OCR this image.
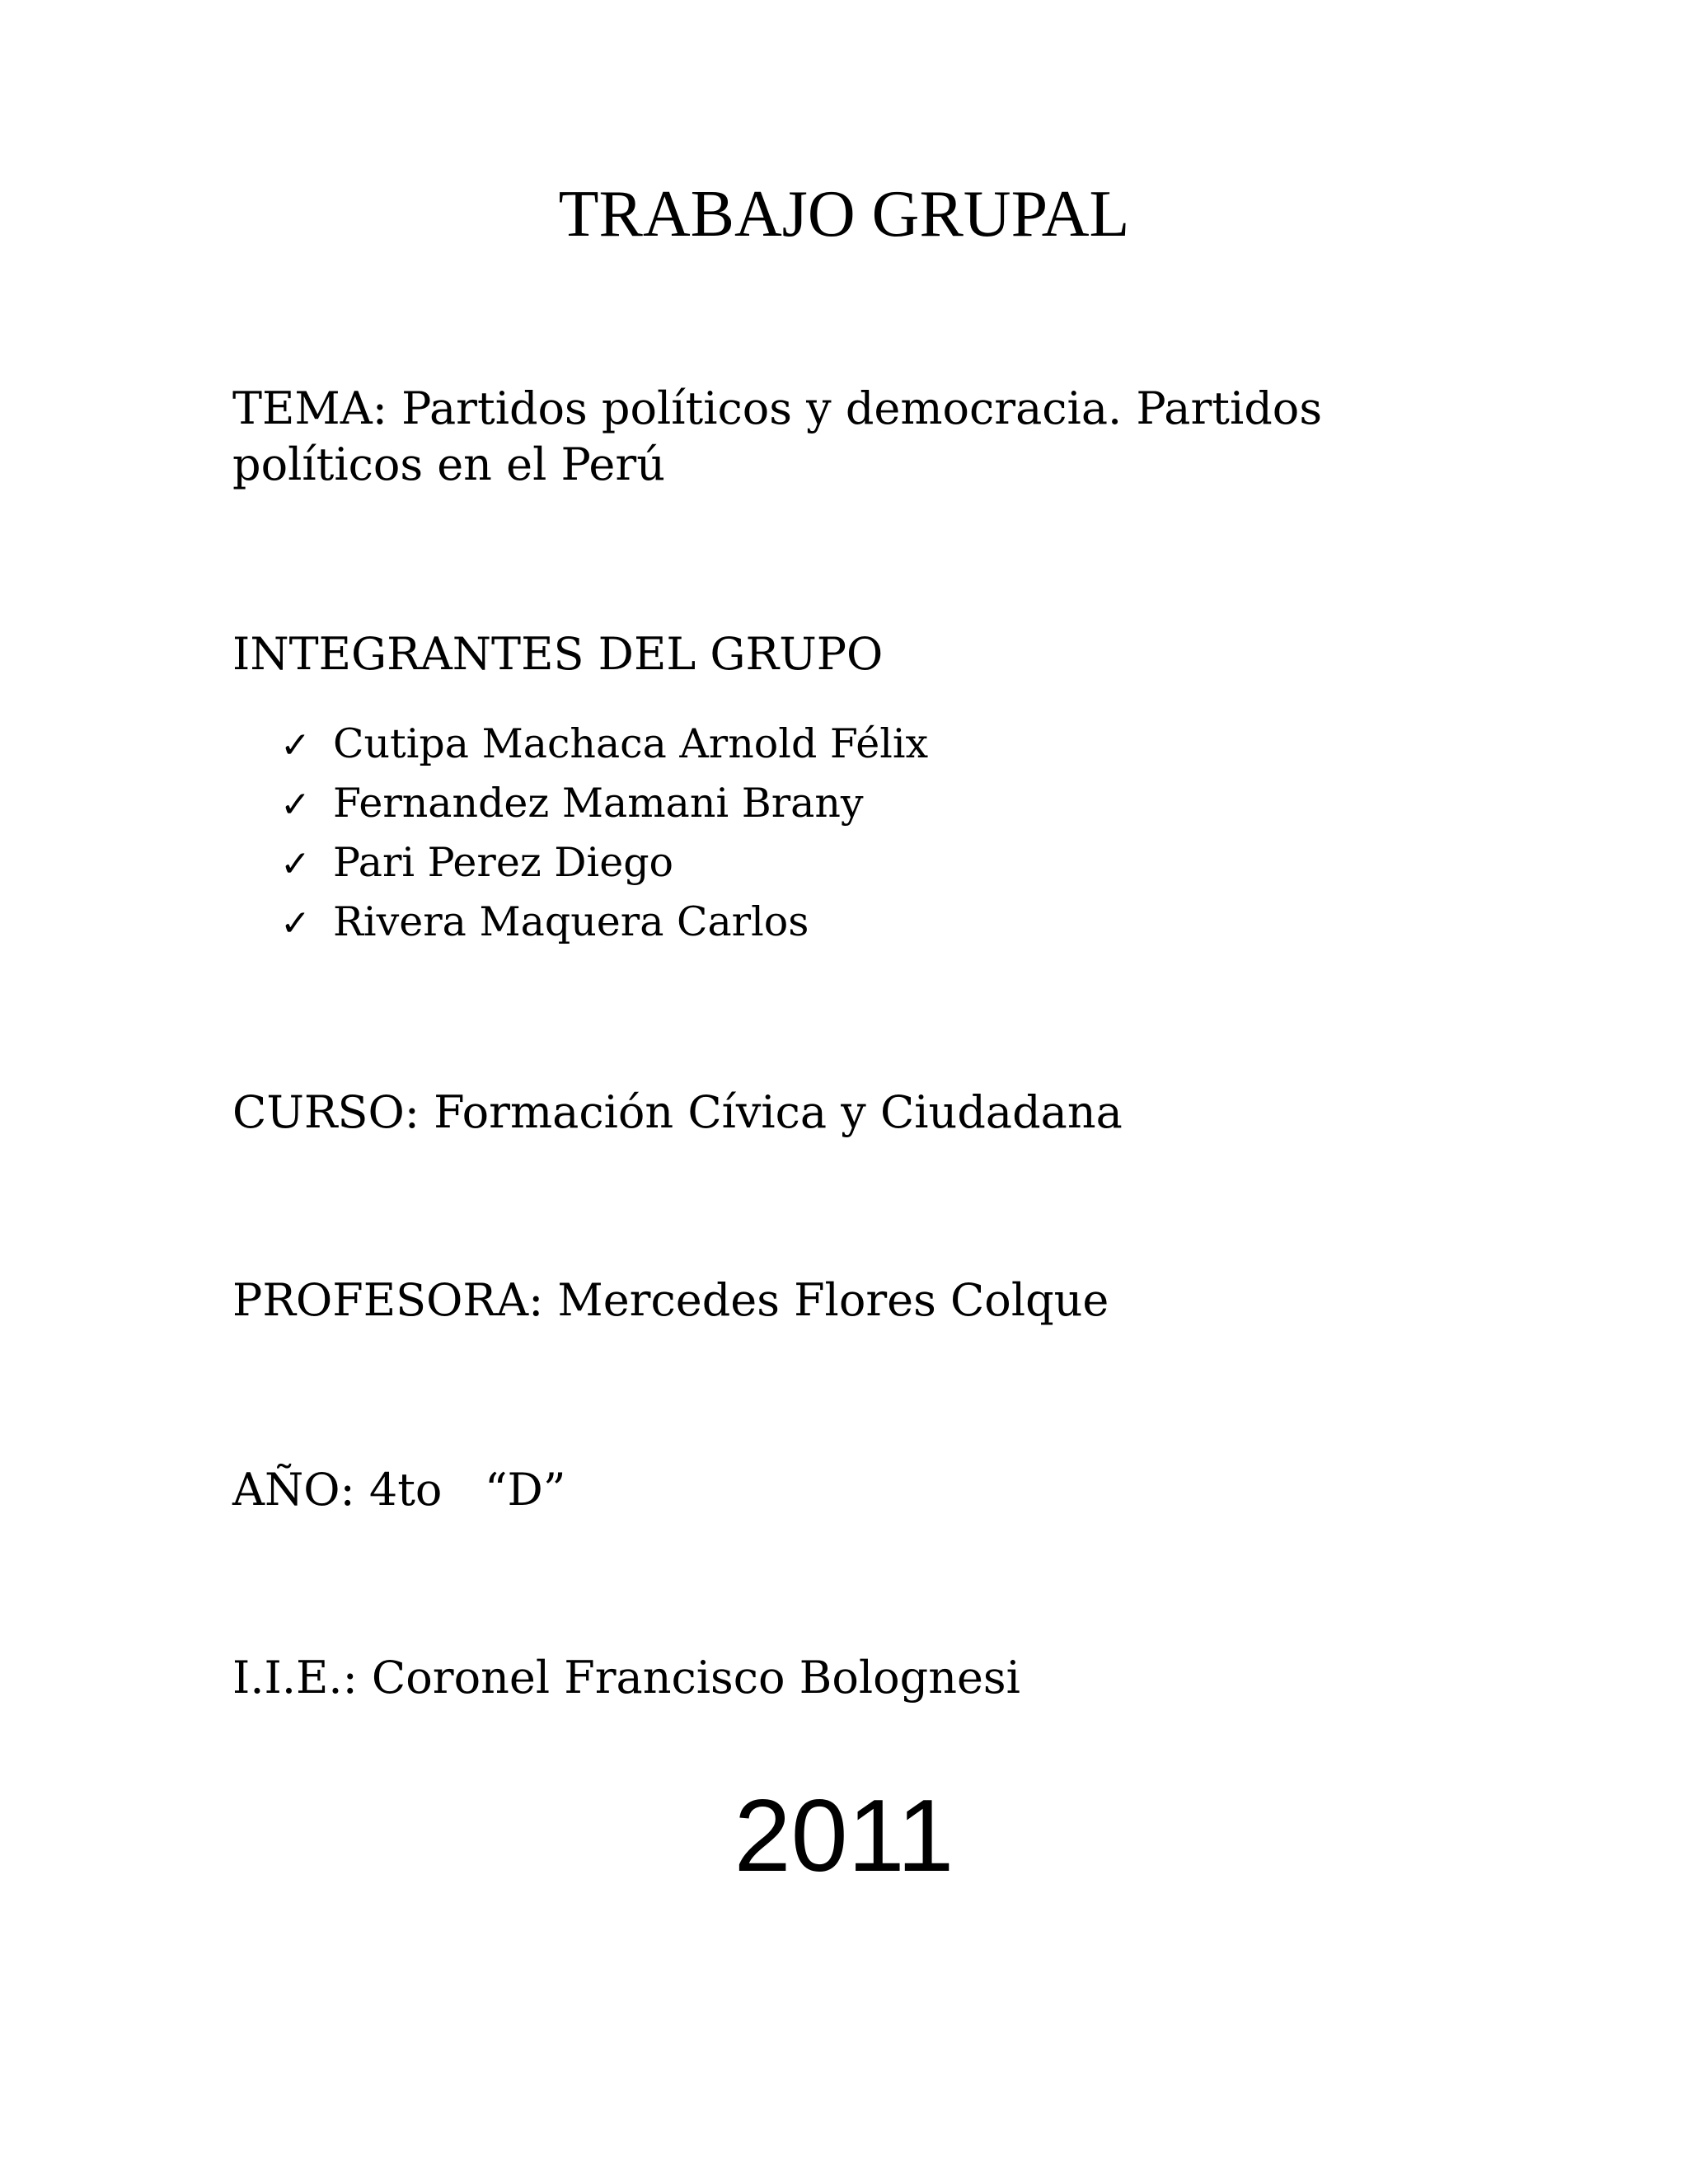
TRABAJO GRUPAL

TEMA: Partidos políticos y democracia. Partidos políticos en el Perú

INTEGRANTES DEL GRUPO

✓ Cutipa Machaca Arnold Félix
✓ Fernandez Mamani Brany
✓ Pari Perez Diego
✓ Rivera Maquera Carlos

CURSO: Formación Cívica y Ciudadana

PROFESORA: Mercedes Flores Colque

AÑO: 4to   “D”

I.I.E.: Coronel Francisco Bolognesi

2011
